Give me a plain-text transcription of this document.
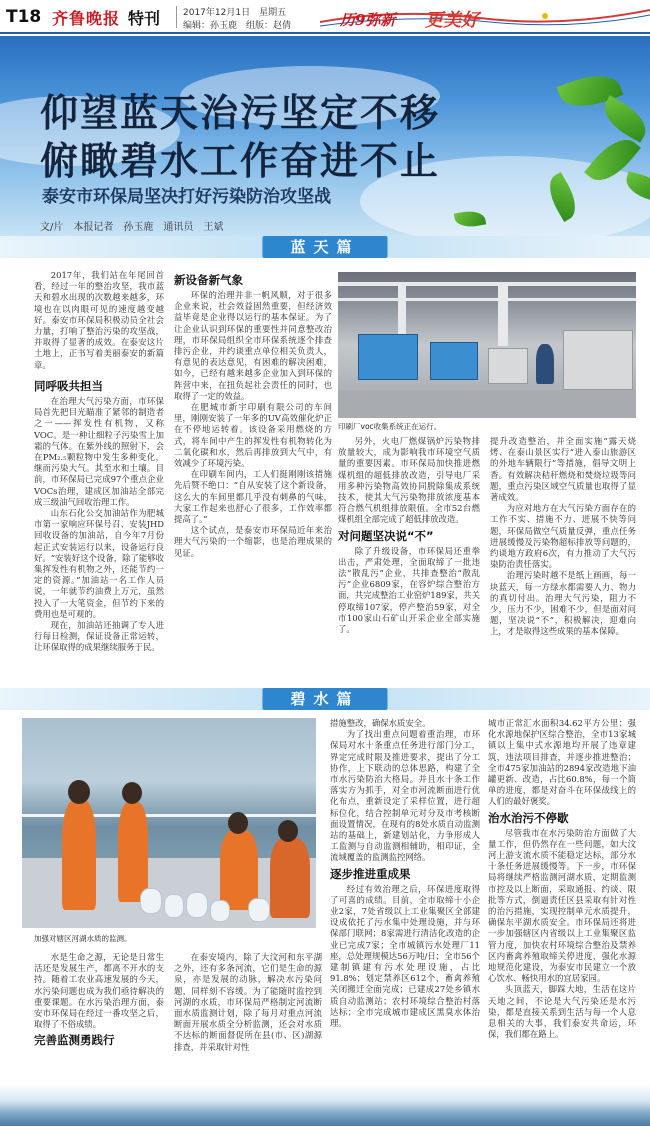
T18 齐鲁晚报 特刊	2017年12月1日　星期五
编辑：孙玉鹿　组版：赵倩	历9弥新 更美好
仰望蓝天治污坚定不移
俯瞰碧水工作奋进不止
泰安市环保局坚决打好污染防治攻坚战
文/片　本报记者　孙玉鹿　通讯员　王斌
蓝天篇

2017年，我们站在年尾回首看，经过一年的整治攻坚，我市蓝天和碧水出现的次数越来越多，环境也在以肉眼可见的速度越变越好。泰安市环保局积极动员全社会力量，打响了整治污染的攻坚战，并取得了显著的成效。在泰安这片土地上，正书写着美丽泰安的新篇章。

同呼吸共担当

在治理大气污染方面，市环保局首先把目光瞄准了紧邻的制造者之一——挥发性有机物，又称VOC。是一种让细粒子污染雪上加霜的气体。在紫外线的照射下，会在PM₂.₅颗粒物中发生多种变化，继而污染大气。其至水和土壤。目前，市环保局已完成97个重点企业VOCs治理，建成区加油站全部完成三级油气回收治理工作。

山东石化公交加油站作为肥城市第一家响应环保号召、安装JHD回收设备的加油站，自今年7月份起正式安装运行以来，设备运行良好。“安装好这个设备，除了能够收集挥发性有机物之外，还能节约一定的资源。”加油站一名工作人员说，一年就节约油费上万元，虽然投入了一大笔资金，但节约下来的费用也是可观的。

现在，加油站还抽调了专人进行每日检测，保证设备正常运转，让环保取得的成果继续服务于民。

新设备新气象

环保的治理并非一帆风顺，对于很多企业来说，社会效益固然重要，但经济效益毕竟是企业得以运行的基本保证。为了让企业认识到环保的重要性并同意整改治理，市环保局组织全市环保系统逐个排查排污企业，并约谈重点单位相关负责人，有意见的表达意见，有困难的解决困难，如今，已经有越来越多企业加入到环保的阵营中来，在扭负起社会责任的同时，也取得了一定的效益。

在肥城市新宇印刷有限公司的车间里，刚刚安装了一年多的UV高效催化炉正在不停地运转着。该设备采用燃烧的方式，将车间中产生的挥发性有机物转化为二氧化碳和水，然后再排放到大气中，有效减少了环境污染。

在印刷车间内，工人们挺刚刚该措施先后赞不绝口：“自从安装了这个新设备，这么大的车间里都几乎没有刺鼻的气味，大家工作起来也舒心了很多，工作效率都提高了。”

这个试点，是泰安市环保局近年来治理大气污染的一个缩影，也是治理成果的见证。

印刷厂voc收集系统正在运行。

另外，火电厂燃煤锅炉污染物排放量较大，成为影响我市环境空气质量的重要因素。市环保局加快推进燃煤机组的超低排放改造，引导电厂采用多种污染物高效协同脱除集成系统技术，使其大气污染物排放浓度基本符合燃气机组排放限值。全市52台燃煤机组全部完成了超低排放改造。

对问题坚决说“不”

除了升级设备，市环保局还重拳出击，严肃处理，全面取缔了一批违法“散乱污”企业，共排查整治“散乱污”企业6809家，在容炉综合整治方面，共完成整治工业窑炉189家，共关停取缔107家，停产整治59家，对全市100家山石矿山开采企业全部实施了。

提升改造整治，并全面实施“露天烧烤、在泰山景区实行“进入泰山旅游区的外地车辆限行”等措施，倡导文明上香。有效解决秸秆燃烧和焚烧垃圾等问题，重点污染区域空气质量也取得了显著成效。

为应对地方在大气污染方面存在的工作不实、措施不力、进展不快等问题，环保局做空气质量反弹，重点任务进展缓慢及污染物超标排放等问题的，约谈地方政府6次，有力推动了大气污染防治责任落实。

治理污染时越不是纸上画画，每一块蓝天，每一方绿水都需要人力、物力的真切付出。治理大气污染，阻力不少，压力不少，困难不少，但是面对问题，坚决说“不”，积极解决，迎难向上，才是取得这些成果的基本保障。

碧水篇
加强对辖区河湖水质的监测。

水是生命之源，无论是日常生活还是发展生产，都离不开水的支持。随着工农业高速发展的今天，水污染问题也成为我们亟待解决的重要课题。在水污染治理方面，泰安市环保局在经过一番攻坚之后，取得了不俗成绩。

完善监测勇践行

在泰安境内，除了大汶河和东平湖之外，还有多条河流，它们是生命的源泉，亦是发展的动脉，解决水污染问题，同样刻不容缓。为了能随时监控到河湖的水质，市环保局严格制定河流断面水质监测计划，除了每月对重点河流断面开展水质全分析监测，还会对水质不达标的断面督促所在县(市、区)湖源排查，并采取针对性

措施整改，确保水质安全。

为了找出重点问题着重治理，市环保局对水十条重点任务进行部门分工，界定完成时限及推进要求，提出了分工协作，上下联动的总体思路，构建了全市水污染防治大格局。并且水十条工作落实方为抓手，对全市河流断面进行优化布点，重新设定了采样位置，进行超标位化，结合控制单元对分及市考核断面设置情况，在现有的8处水质自动监测站的基础上，新建划站化，力争形成人工监测与自动监测相辅助，相印证，全流域覆盖的监测监控网络。

逐步推进重成果

经过有效治理之后，环保进度取得了可喜的成绩。目前，全市取缔十小企业2家，7处省级以上工业集聚区全部建设成依托了污水集中处理设施，并与环保部门联网；8家需进行清洁化改造的企业已完成7家；全市城镇污水处理厂11座，总处理规模达56万吨/日；全市56个建制镇建有污水处理设施，占比91.8%；划定禁养区612个，畜禽养殖关闭搬迁全面完成；已建成27处乡镇水质自动监测站；农村环境综合整治村落达标；全市完成城市建成区黑臭水体治理。

城市正常汇水面积34.62平方公里；强化水源地保护区综合整治，全市13家城镇以上集中式水源地均开展了违章建筑，违法项目排查，并逐步推进整治；全市475家加油站的2894家改造地下油罐更新、改造，占比60.8%，每一个简单的进度，都是对奋斗在环保战线上的人们的最好褒奖。

治水治污不停歇

尽管我市在水污染防治方面做了大量工作，但仍然存在一些问题，如大汶河上游支流水质不能稳定达标，部分水十条任务进展缓慢等。下一步，市环保局将继续严格监测河湖水质，定期监测市控及以上断面，采取通报、约谈、限批等方式，倒逼责任区县采取有针对性的治污措施，实现控制单元水质提升，确保东平湖水质安全。市环保局还将进一步加强辖区内省级以上工业集聚区监管力度，加快农村环境综合整治及禁养区内畜禽养殖取缔关停进度，强化水源地规范化建设，为泰安市民建立一个放心饮水、畅快用水的宜居家园。

头顶蓝天，脚踩大地，生活在这片天地之间，不论是大气污染还是水污染，都是直接关系到生活与每一个人息息相关的大事，我们泰安共命运，环保，我们都在路上。
